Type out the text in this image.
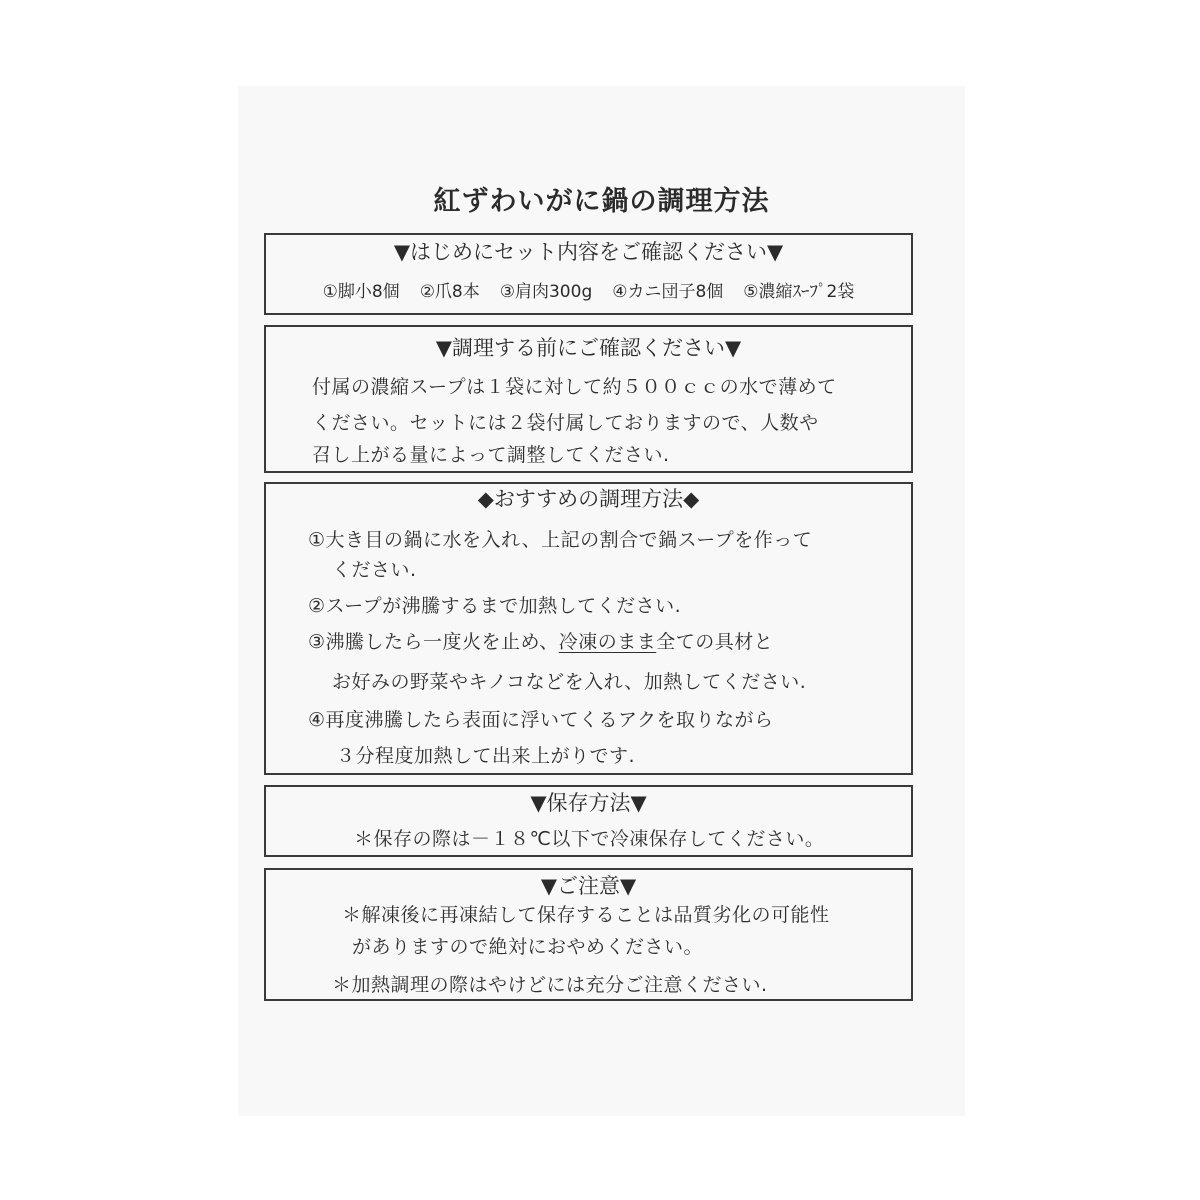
紅ずわいがに鍋の調理方法
▼はじめにセット内容をご確認ください▼
①脚小8個 ②爪8本 ③肩肉300g ④カニ団子8個 ⑤濃縮ｽｰﾌﾟ2袋
▼調理する前にご確認ください▼
付属の濃縮スープは１袋に対して約５００ｃｃの水で薄めて
ください。セットには２袋付属しておりますので、人数や
召し上がる量によって調整してください.
◆おすすめの調理方法◆
①大き目の鍋に水を入れ、上記の割合で鍋スープを作って
ください.
②スープが沸騰するまで加熱してください.
③沸騰したら一度火を止め、冷凍のまま全ての具材と
お好みの野菜やキノコなどを入れ、加熱してください.
④再度沸騰したら表面に浮いてくるアクを取りながら
３分程度加熱して出来上がりです.
▼保存方法▼
＊保存の際は－１８℃以下で冷凍保存してください。
▼ご注意▼
＊解凍後に再凍結して保存することは品質劣化の可能性
がありますので絶対におやめください。
＊加熱調理の際はやけどには充分ご注意ください.
